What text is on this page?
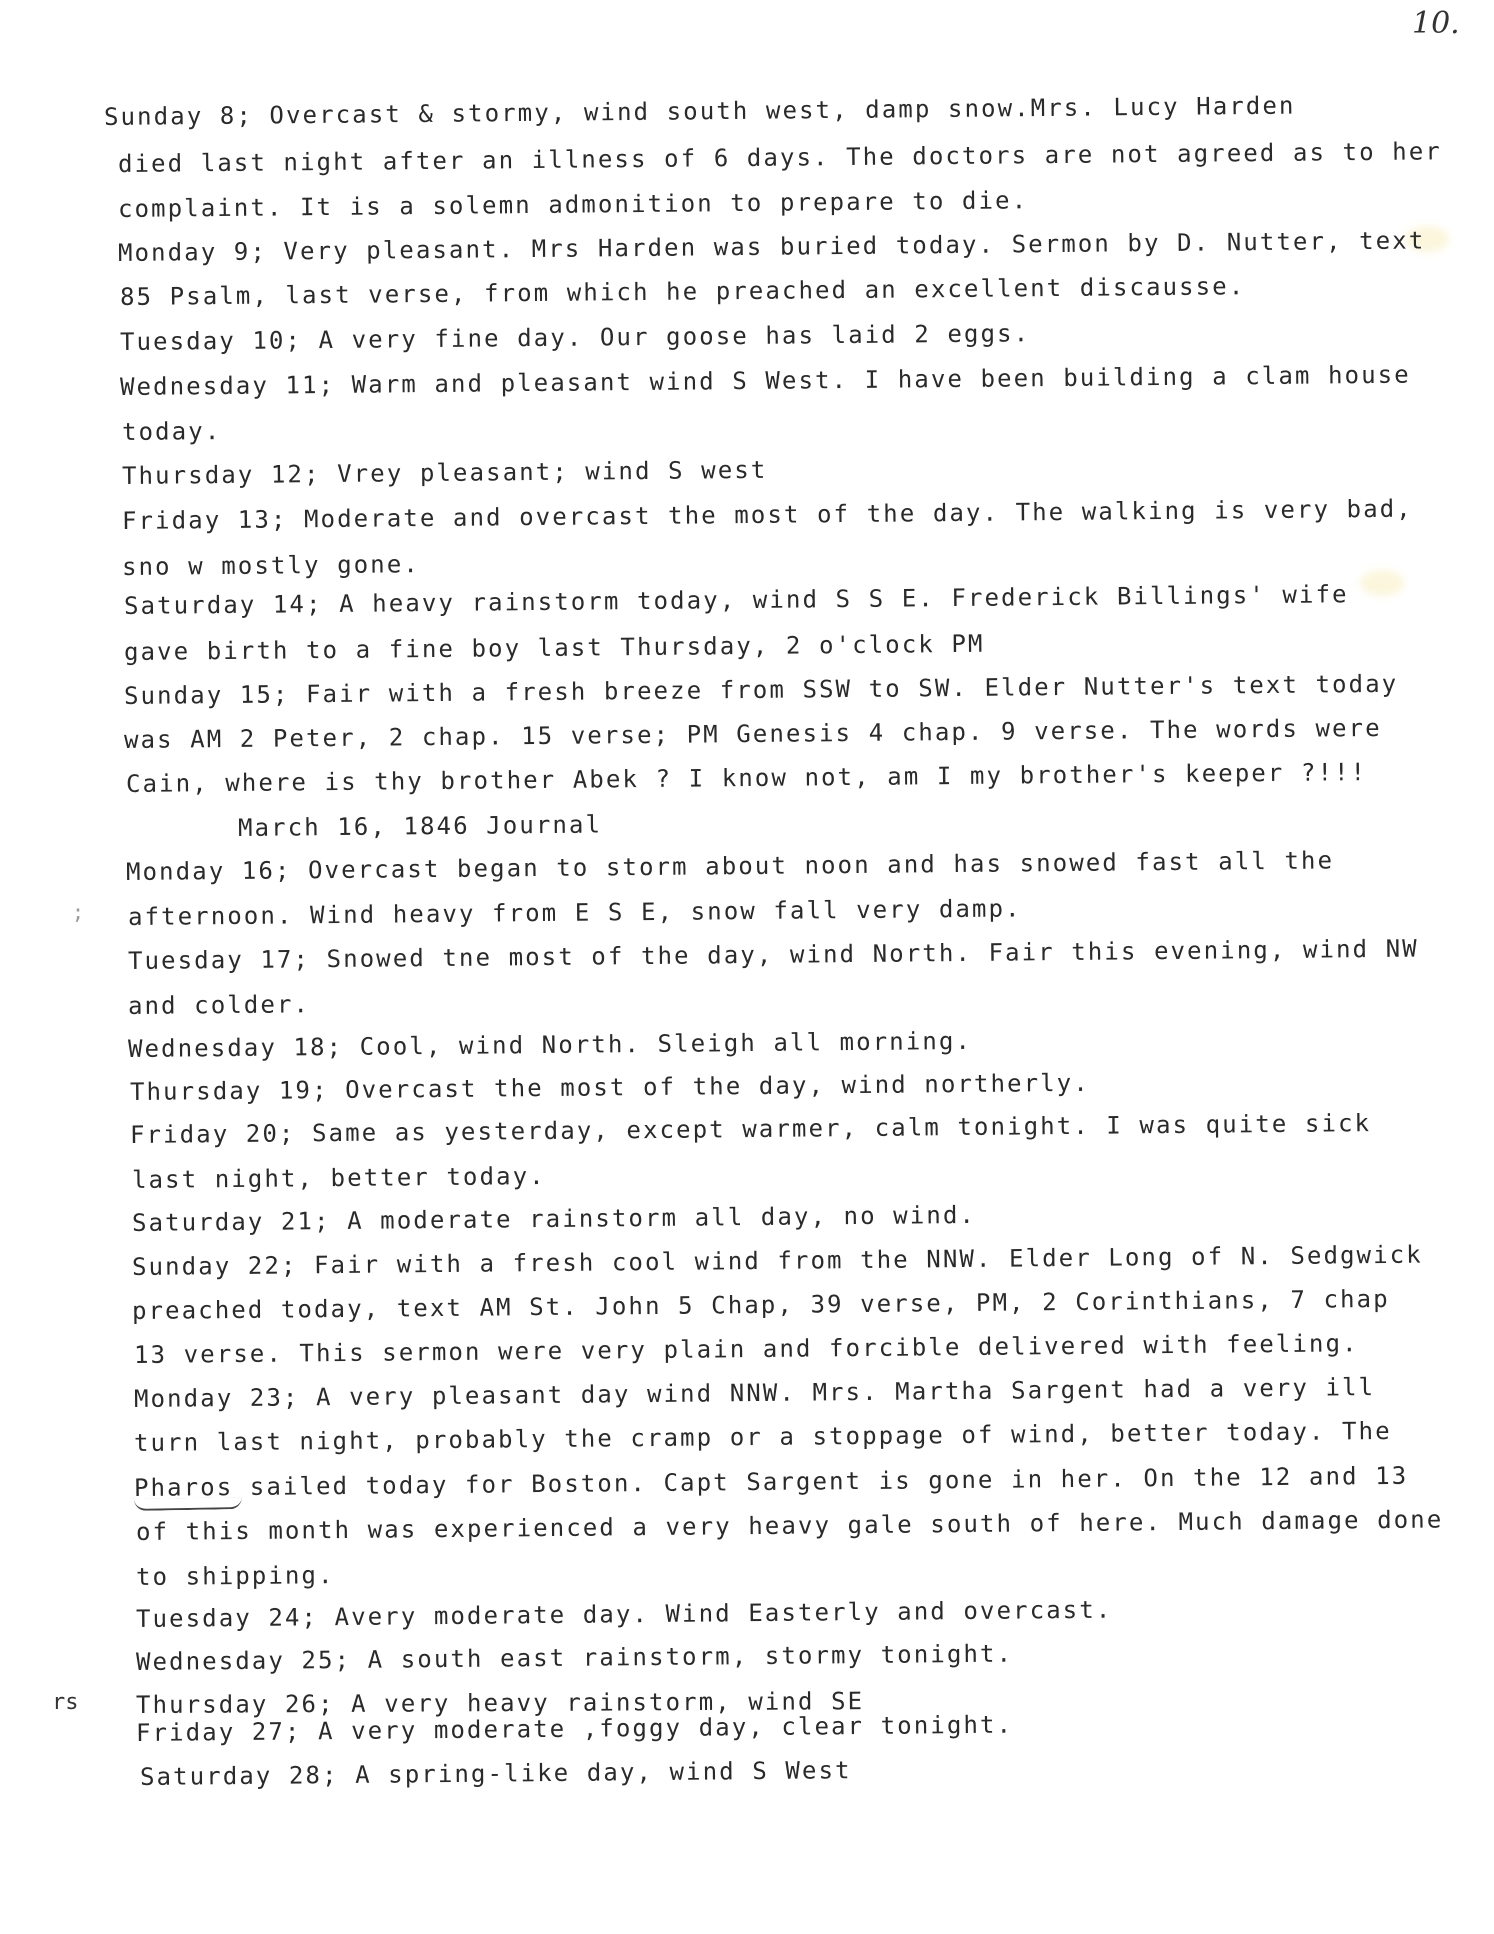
10.
;
rs
Sunday 8; Overcast & stormy, wind south west, damp snow.Mrs. Lucy Harden
died last night after an illness of 6 days. The doctors are not agreed as to her
complaint. It is a solemn admonition to prepare to die.
Monday 9; Very pleasant. Mrs Harden was buried today. Sermon by D. Nutter, text
85 Psalm, last verse, from which he preached an excellent discausse.
Tuesday 10; A very fine day. Our goose has laid 2 eggs.
Wednesday 11; Warm and pleasant wind S West. I have been building a clam house
today.
Thursday 12; Vrey pleasant; wind S west
Friday 13; Moderate and overcast the most of the day. The walking is very bad,
sno w mostly gone.
Saturday 14; A heavy rainstorm today, wind S S E. Frederick Billings' wife
gave birth to a fine boy last Thursday, 2 o'clock PM
Sunday 15; Fair with a fresh breeze from SSW to SW. Elder Nutter's text today
was AM 2 Peter, 2 chap. 15 verse; PM Genesis 4 chap. 9 verse. The words were
Cain, where is thy brother Abek ? I know not, am I my brother's keeper ?!!!
March 16, 1846 Journal
Monday 16; Overcast began to storm about noon and has snowed fast all the
afternoon. Wind heavy from E S E, snow fall very damp.
Tuesday 17; Snowed tne most of the day, wind North. Fair this evening, wind NW
and colder.
Wednesday 18; Cool, wind North. Sleigh all morning.
Thursday 19; Overcast the most of the day, wind northerly.
Friday 20; Same as yesterday, except warmer, calm tonight. I was quite sick
last night, better today.
Saturday 21; A moderate rainstorm all day, no wind.
Sunday 22; Fair with a fresh cool wind from the NNW. Elder Long of N. Sedgwick
preached today, text AM St. John 5 Chap, 39 verse, PM, 2 Corinthians, 7 chap
13 verse. This sermon were very plain and forcible delivered with feeling.
Monday 23; A very pleasant day wind NNW. Mrs. Martha Sargent had a very ill
turn last night, probably the cramp or a stoppage of wind, better today. The
Pharos sailed today for Boston. Capt Sargent is gone in her. On the 12 and 13
of this month was experienced a very heavy gale south of here. Much damage done
to shipping.
Tuesday 24; Avery moderate day. Wind Easterly and overcast.
Wednesday 25; A south east rainstorm, stormy tonight.
Thursday 26; A very heavy rainstorm, wind SE
Friday 27; A very moderate ,foggy day, clear tonight.
Saturday 28; A spring-like day, wind S West
